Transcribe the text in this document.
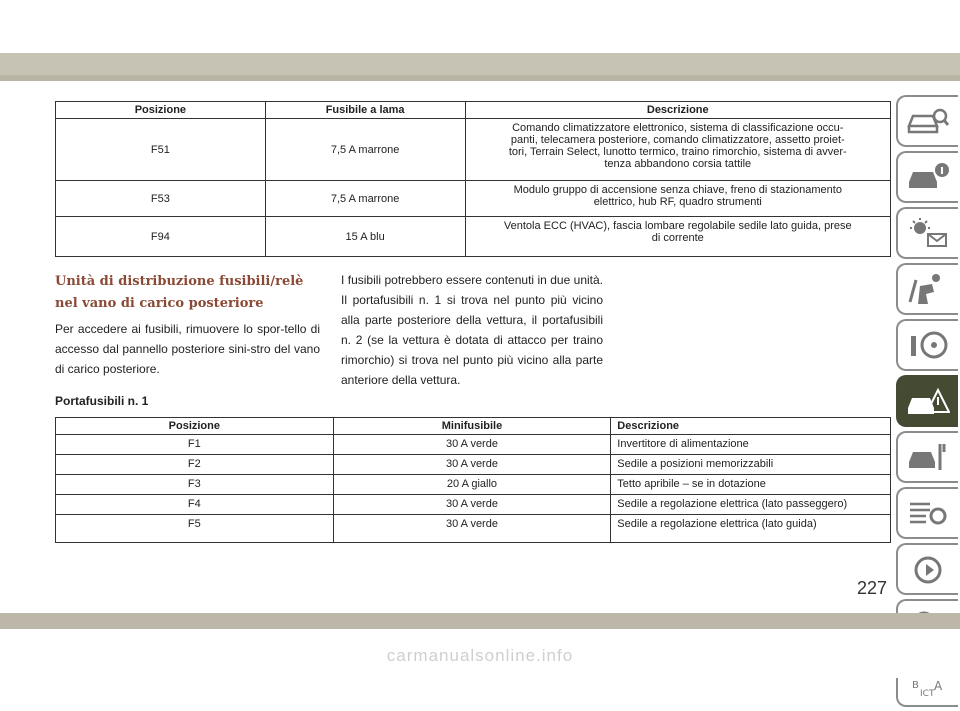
Posizione	Fusibile a lama	Descrizione
F51	7,5 A marrone	Comando climatizzatore elettronico, sistema di classificazione occu-
panti, telecamera posteriore, comando climatizzatore, assetto proiet-
tori, Terrain Select, lunotto termico, traino rimorchio, sistema di avver-
tenza abbandono corsia tattile
F53	7,5 A marrone	Modulo gruppo di accensione senza chiave, freno di stazionamento
elettrico, hub RF, quadro strumenti
F94	15 A blu	Ventola ECC (HVAC), fascia lombare regolabile sedile lato guida, prese
di corrente
Unità di distribuzione fusibili/relè nel vano di carico posteriore
Per accedere ai fusibili, rimuovere lo spor-tello di accesso dal pannello posteriore sini-stro del vano di carico posteriore.
I fusibili potrebbero essere contenuti in due unità. Il portafusibili n. 1 si trova nel punto più vicino alla parte posteriore della vettura, il portafusibili n. 2 (se la vettura è dotata di attacco per traino rimorchio) si trova nel punto più vicino alla parte anteriore della vettura.
Portafusibili n. 1
Posizione	Minifusibile	Descrizione
F1	30 A verde	Invertitore di alimentazione
F2	30 A verde	Sedile a posizioni memorizzabili
F3	20 A giallo	Tetto apribile – se in dotazione
F4	30 A verde	Sedile a regolazione elettrica (lato passeggero)
F5	30 A verde	Sedile a regolazione elettrica (lato guida)
B A
ICT
227
carmanualsonline.info
